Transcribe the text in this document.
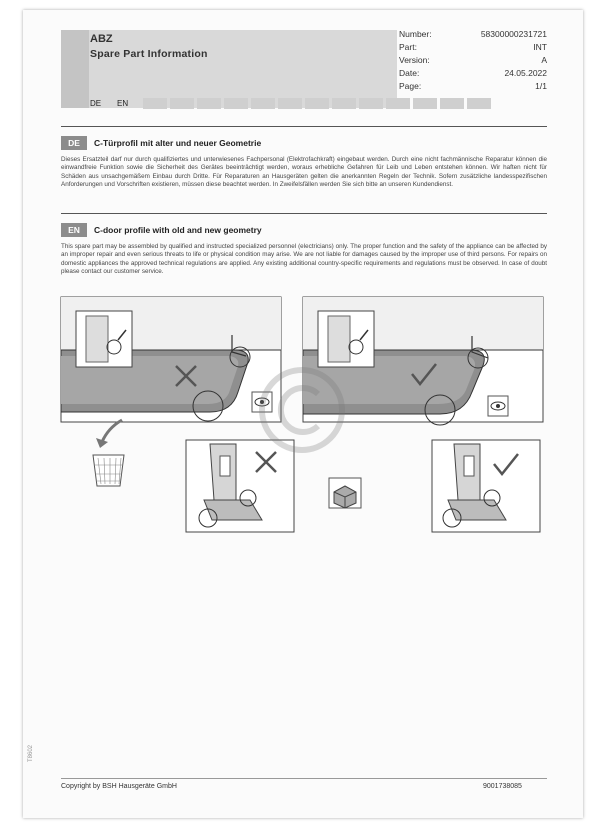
ABZ
Spare Part Information
Number:	58300000231721
Part:	INT
Version:	A
Date:	24.05.2022
Page:	1/1
DE	EN
DE	C-Türprofil mit alter und neuer Geometrie
Dieses Ersatzteil darf nur durch qualifiziertes und unterwiesenes Fachpersonal (Elektrofachkraft) eingebaut werden. Durch eine nicht fachmännische Reparatur können die einwandfreie Funktion sowie die Sicherheit des Gerätes beeinträchtigt werden, woraus erhebliche Gefahren für Leib und Leben entstehen können. Wir haften nicht für Schäden aus unsachgemäßem Einbau durch Dritte. Für Reparaturen an Hausgeräten gelten die anerkannten Regeln der Technik. Sofern zusätzliche landesspezifischen Anforderungen und Vorschriften existieren, müssen diese beachtet werden. In Zweifelsfällen werden Sie sich bitte an unseren Kundendienst.
EN	C-door profile with old and new geometry
This spare part may be assembled by qualified and instructed specialized personnel (electricians) only. The proper function and the safety of the appliance can be affected by an improper repair and even serious threats to life or physical condition may arise. We are not liable for damages caused by the improper use of third persons. For repairs on domestic appliances the approved technical regulations are applied. Any existing additional country-specific requirements and regulations must be observed. In case of doubt please contact our customer service.
Copyright by BSH Hausgeräte GmbH	9001738085
T8602
